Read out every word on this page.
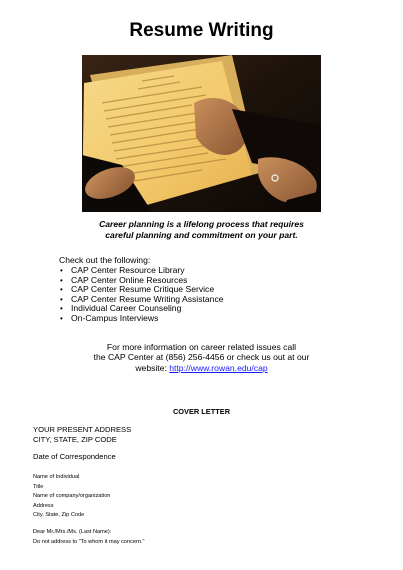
Resume Writing
Career planning is a lifelong process that requires
careful planning and commitment on your part.
Check out the following:
• CAP Center Resource Library
• CAP Center Online Resources
• CAP Center Resume Critique Service
• CAP Center Resume Writing Assistance
• Individual Career Counseling
• On-Campus Interviews
For more information on career related issues call
the CAP Center at (856) 256-4456 or check us out at our
website: http://www.rowan.edu/cap
COVER LETTER
YOUR PRESENT ADDRESS
CITY, STATE, ZIP CODE
Date of Correspondence
Name of Individual
Title
Name of company/organization
Address
City, State, Zip Code
Dear Mr./Mrs./Ms. (Last Name):
Do not address to "To whom it may concern."
